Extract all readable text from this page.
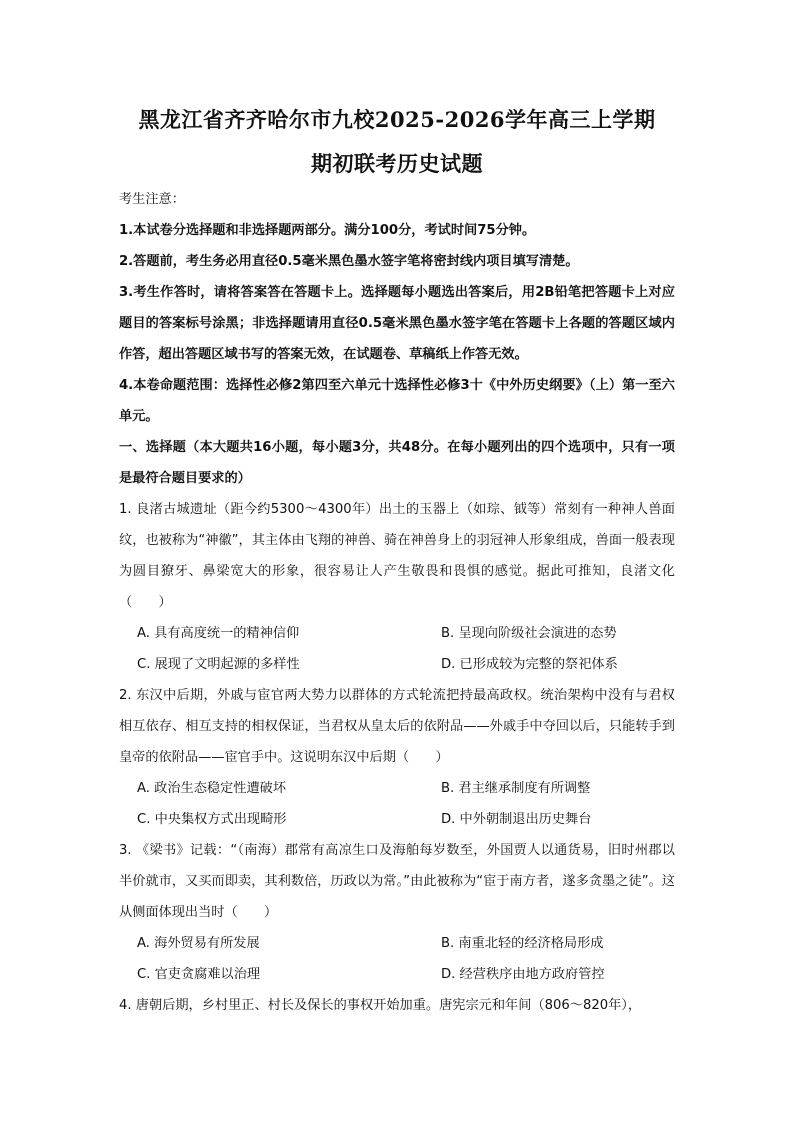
黑龙江省齐齐哈尔市九校2025-2026学年高三上学期
期初联考历史试题
考生注意：
1.本试卷分选择题和非选择题两部分。满分100分，考试时间75分钟。
2.答题前，考生务必用直径0.5毫米黑色墨水签字笔将密封线内项目填写清楚。

3.考生作答时，请将答案答在答题卡上。选择题每小题选出答案后，用2B铅笔把答题卡上对应题目的答案标号涂黑；非选择题请用直径0.5毫米黑色墨水签字笔在答题卡上各题的答题区域内作答，超出答题区域书写的答案无效，在试题卷、草稿纸上作答无效。

4.本卷命题范围：选择性必修2第四至六单元十选择性必修3十《中外历史纲要》（上）第一至六单元。

一、选择题（本大题共16小题，每小题3分，共48分。在每小题列出的四个选项中，只有一项是最符合题目要求的）

1. 良渚古城遗址（距今约5300～4300年）出土的玉器上（如琮、钺等）常刻有一种神人兽面纹，也被称为“神徽”，其主体由飞翔的神兽、骑在神兽身上的羽冠神人形象组成，兽面一般表现为圆目獠牙、鼻梁宽大的形象，很容易让人产生敬畏和畏惧的感觉。据此可推知，良渚文化（　　）

A. 具有高度统一的精神信仰	B. 呈现向阶级社会演进的态势
C. 展现了文明起源的多样性	D. 已形成较为完整的祭祀体系

2. 东汉中后期，外戚与宦官两大势力以群体的方式轮流把持最高政权。统治架构中没有与君权相互依存、相互支持的相权保证，当君权从皇太后的依附品——外戚手中夺回以后，只能转手到皇帝的依附品——宦官手中。这说明东汉中后期（　　）

A. 政治生态稳定性遭破坏	B. 君主继承制度有所调整
C. 中央集权方式出现畸形	D. 中外朝制退出历史舞台

3. 《梁书》记载：“（南海）郡常有高凉生口及海舶每岁数至，外国贾人以通货易，旧时州郡以半价就市，又买而即卖，其利数倍，历政以为常。”由此被称为“宦于南方者，遂多贪墨之徒”。这从侧面体现出当时（　　）

A. 海外贸易有所发展	B. 南重北轻的经济格局形成
C. 官吏贪腐难以治理	D. 经营秩序由地方政府管控
4. 唐朝后期，乡村里正、村长及保长的事权开始加重。唐宪宗元和年间（806～820年），
